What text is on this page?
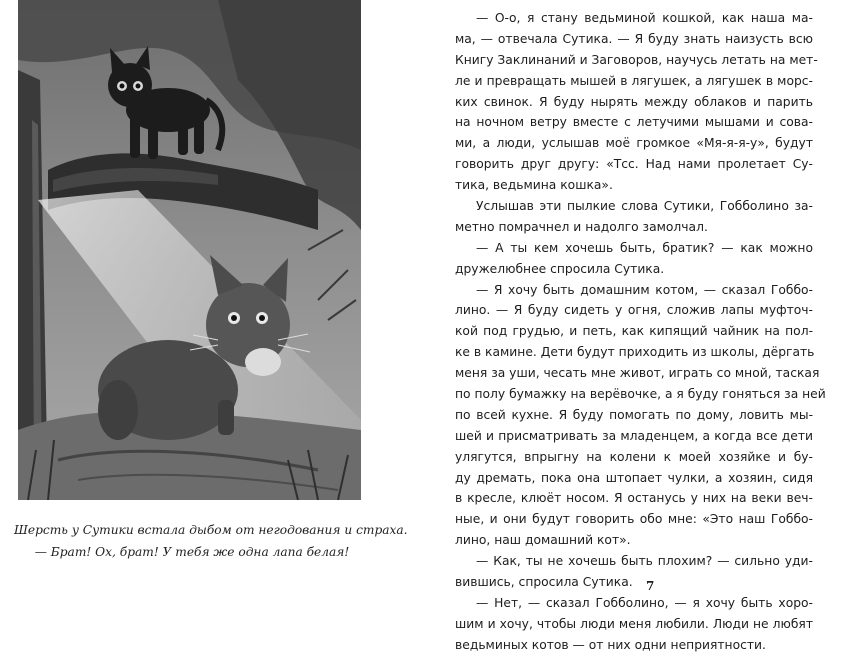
Шерсть у Сутики встала дыбом от негодования и страха.

— Брат! Ох, брат! У тебя же одна лапа белая!

— О-о, я стану ведьминой кошкой, как наша ма-
ма, — отвечала Сутика. — Я буду знать наизусть всю
Книгу Заклинаний и Заговоров, научусь летать на мет-
ле и превращать мышей в лягушек, а лягушек в морс-
ких свинок. Я буду нырять между облаков и парить
на ночном ветру вместе с летучими мышами и сова-
ми, а люди, услышав моё громкое «Мя-я-я-у», будут
говорить друг другу: «Тсс. Над нами пролетает Су-
тика, ведьмина кошка».
Услышав эти пылкие слова Сутики, Гобболино за-
метно помрачнел и надолго замолчал.
— А ты кем хочешь быть, братик? — как можно
дружелюбнее спросила Сутика.
— Я хочу быть домашним котом, — сказал Гоббо-
лино. — Я буду сидеть у огня, сложив лапы муфточ-
кой под грудью, и петь, как кипящий чайник на пол-
ке в камине. Дети будут приходить из школы, дёргать
меня за уши, чесать мне живот, играть со мной, таская
по полу бумажку на верёвочке, а я буду гоняться за ней
по всей кухне. Я буду помогать по дому, ловить мы-
шей и присматривать за младенцем, а когда все дети
улягутся, впрыгну на колени к моей хозяйке и бу-
ду дремать, пока она штопает чулки, а хозяин, сидя
в кресле, клюёт носом. Я останусь у них на веки веч-
ные, и они будут говорить обо мне: «Это наш Гоббо-
лино, наш домашний кот».
— Как, ты не хочешь быть плохим? — сильно уди-
вившись, спросила Сутика.
— Нет, — сказал Гобболино, — я хочу быть хоро-
шим и хочу, чтобы люди меня любили. Люди не любят
ведьминых котов — от них одни неприятности.
7
